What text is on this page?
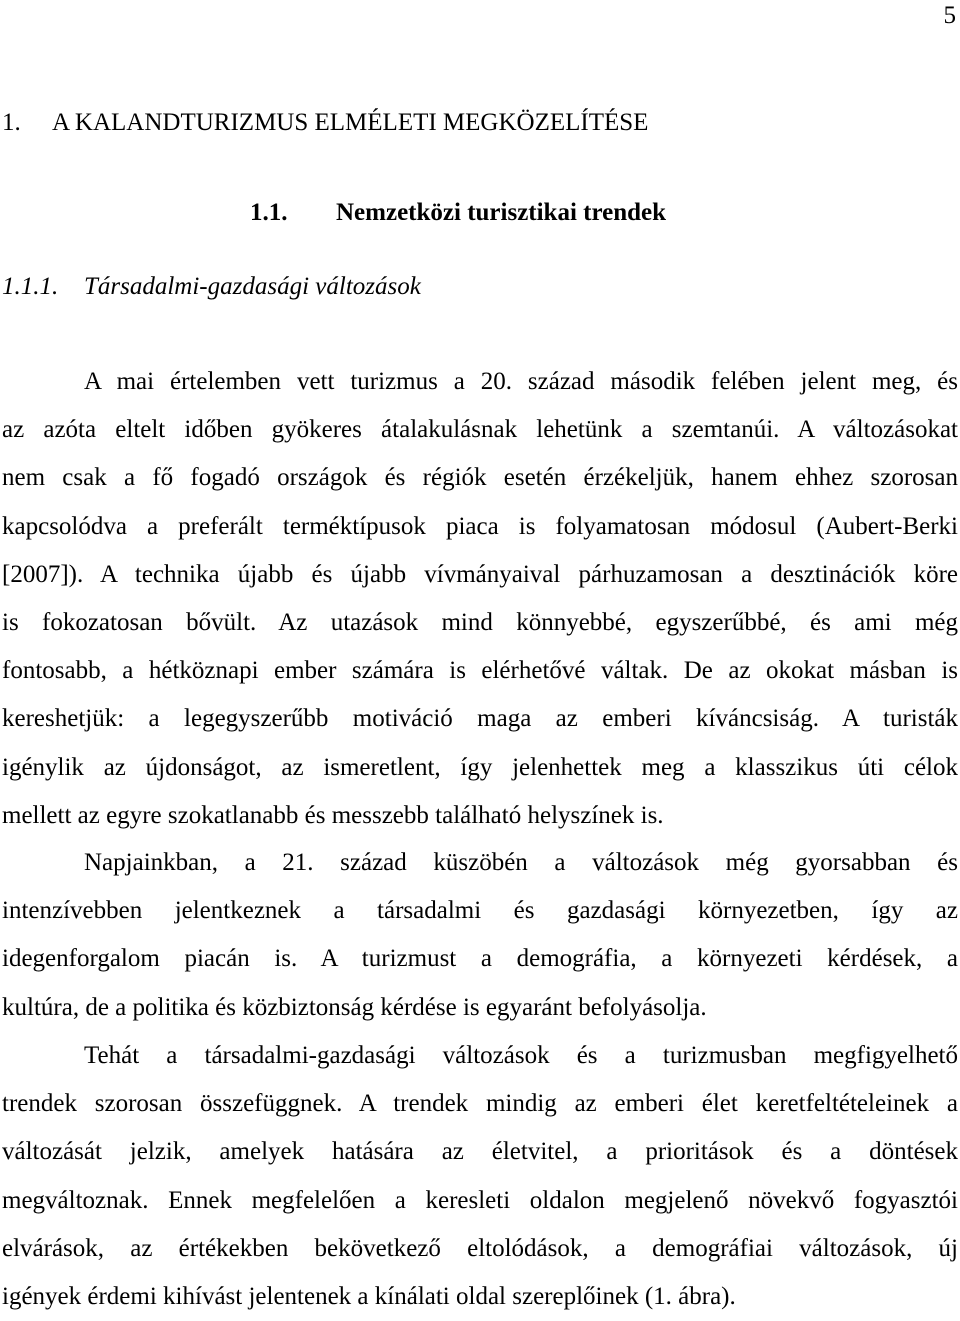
5
1. A KALANDTURIZMUS ELMÉLETI MEGKÖZELÍTÉSE
1.1. Nemzetközi turisztikai trendek
1.1.1. Társadalmi-gazdasági változások
A mai értelemben vett turizmus a 20. század második felében jelent meg, és
az azóta eltelt időben gyökeres átalakulásnak lehetünk a szemtanúi. A változásokat
nem csak a fő fogadó országok és régiók esetén érzékeljük, hanem ehhez szorosan
kapcsolódva a preferált terméktípusok piaca is folyamatosan módosul (Aubert-Berki
[2007]). A technika újabb és újabb vívmányaival párhuzamosan a desztinációk köre
is fokozatosan bővült. Az utazások mind könnyebbé, egyszerűbbé, és ami még
fontosabb, a hétköznapi ember számára is elérhetővé váltak. De az okokat másban is
kereshetjük: a legegyszerűbb motiváció maga az emberi kíváncsiság. A turisták
igénylik az újdonságot, az ismeretlent, így jelenhettek meg a klasszikus úti célok
mellett az egyre szokatlanabb és messzebb található helyszínek is.
Napjainkban, a 21. század küszöbén a változások még gyorsabban és
intenzívebben jelentkeznek a társadalmi és gazdasági környezetben, így az
idegenforgalom piacán is. A turizmust a demográfia, a környezeti kérdések, a
kultúra, de a politika és közbiztonság kérdése is egyaránt befolyásolja.
Tehát a társadalmi-gazdasági változások és a turizmusban megfigyelhető
trendek szorosan összefüggnek. A trendek mindig az emberi élet keretfeltételeinek a
változását jelzik, amelyek hatására az életvitel, a prioritások és a döntések
megváltoznak. Ennek megfelelően a keresleti oldalon megjelenő növekvő fogyasztói
elvárások, az értékekben bekövetkező eltolódások, a demográfiai változások, új
igények érdemi kihívást jelentenek a kínálati oldal szereplőinek (1. ábra).
